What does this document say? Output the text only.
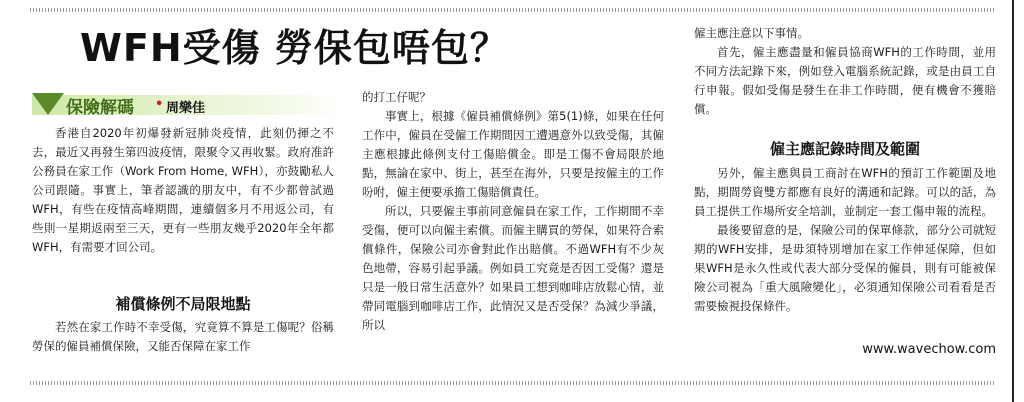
WFH受傷 勞保包唔包？
保險解碼 • 周樂佳

香港自2020年初爆發新冠肺炎疫情，此刻仍揮之不去，最近又再發生第四波疫情，限聚令又再收緊。政府准許公務員在家工作（Work From Home, WFH），亦鼓勵私人公司跟隨。事實上，筆者認識的朋友中，有不少都曾試過WFH，有些在疫情高峰期間，連續個多月不用返公司，有些則一星期返兩至三天，更有一些朋友幾乎2020年全年都WFH，有需要才回公司。

補償條例不局限地點

若然在家工作時不幸受傷，究竟算不算是工傷呢？俗稱勞保的僱員補償保險，又能否保障在家工作

的打工仔呢？

事實上，根據《僱員補償條例》第5(1)條，如果在任何工作中，僱員在受僱工作期間因工遭遇意外以致受傷，其僱主應根據此條例支付工傷賠償金。即是工傷不會局限於地點，無論在家中、街上，甚至在海外，只要是按僱主的工作吩咐，僱主便要承擔工傷賠償責任。

所以，只要僱主事前同意僱員在家工作，工作期間不幸受傷，便可以向僱主索償。而僱主購買的勞保，如果符合索償條件，保險公司亦會對此作出賠償。不過WFH有不少灰色地帶，容易引起爭議。例如員工究竟是否因工受傷？還是只是一般日常生活意外？如果員工想到咖啡店放鬆心情，並帶同電腦到咖啡店工作，此情況又是否受保？為減少爭議，所以

僱主應注意以下事情。

首先，僱主應盡量和僱員協商WFH的工作時間，並用不同方法記錄下來，例如登入電腦系統記錄，或是由員工自行申報。假如受傷是發生在非工作時間，便有機會不獲賠償。

僱主應記錄時間及範圍

另外，僱主應與員工商討在WFH的預訂工作範圍及地點，期間勞資雙方都應有良好的溝通和記錄。可以的話，為員工提供工作場所安全培訓，並制定一套工傷申報的流程。

最後要留意的是，保險公司的保單條款，部分公司就短期的WFH安排，是毋須特別增加在家工作伸延保障，但如果WFH是永久性或代表大部分受保的僱員，則有可能被保險公司視為「重大風險變化」，必須通知保險公司看看是否需要檢視投保條件。

www.wavechow.com
